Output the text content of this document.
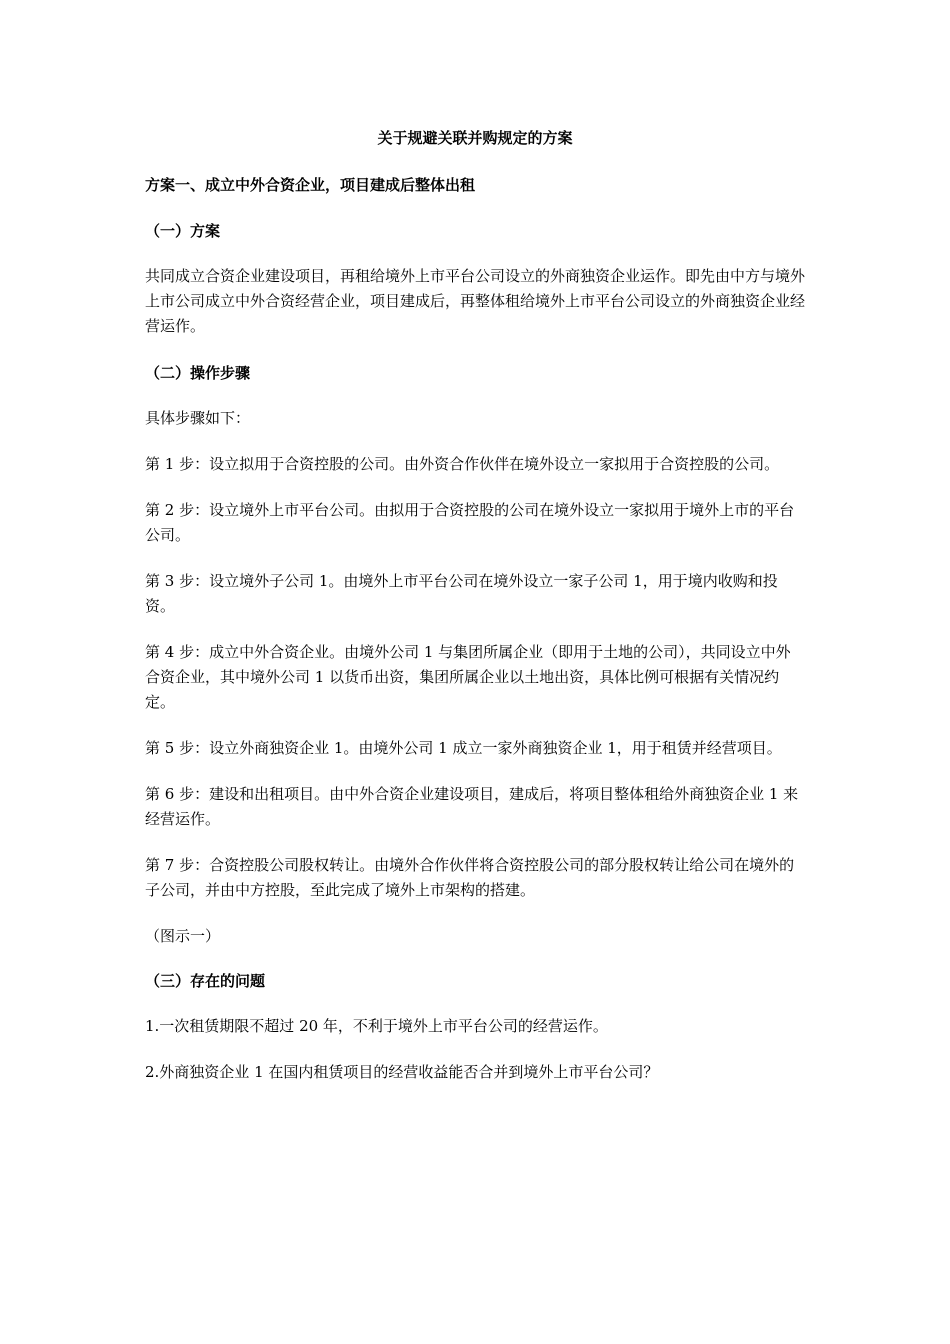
关于规避关联并购规定的方案
方案一、成立中外合资企业，项目建成后整体出租
（一）方案
共同成立合资企业建设项目，再租给境外上市平台公司设立的外商独资企业运作。即先由中方与境外上市公司成立中外合资经营企业，项目建成后，再整体租给境外上市平台公司设立的外商独资企业经营运作。
（二）操作步骤
具体步骤如下：
第 1 步：设立拟用于合资控股的公司。由外资合作伙伴在境外设立一家拟用于合资控股的公司。
第 2 步：设立境外上市平台公司。由拟用于合资控股的公司在境外设立一家拟用于境外上市的平台公司。
第 3 步：设立境外子公司 1。由境外上市平台公司在境外设立一家子公司 1，用于境内收购和投资。
第 4 步：成立中外合资企业。由境外公司 1 与集团所属企业（即用于土地的公司），共同设立中外合资企业，其中境外公司 1 以货币出资，集团所属企业以土地出资，具体比例可根据有关情况约定。
第 5 步：设立外商独资企业 1。由境外公司 1 成立一家外商独资企业 1，用于租赁并经营项目。
第 6 步：建设和出租项目。由中外合资企业建设项目，建成后，将项目整体租给外商独资企业 1 来经营运作。
第 7 步：合资控股公司股权转让。由境外合作伙伴将合资控股公司的部分股权转让给公司在境外的子公司，并由中方控股，至此完成了境外上市架构的搭建。
（图示一）
（三）存在的问题
1.一次租赁期限不超过 20 年，不利于境外上市平台公司的经营运作。
2.外商独资企业 1 在国内租赁项目的经营收益能否合并到境外上市平台公司？
